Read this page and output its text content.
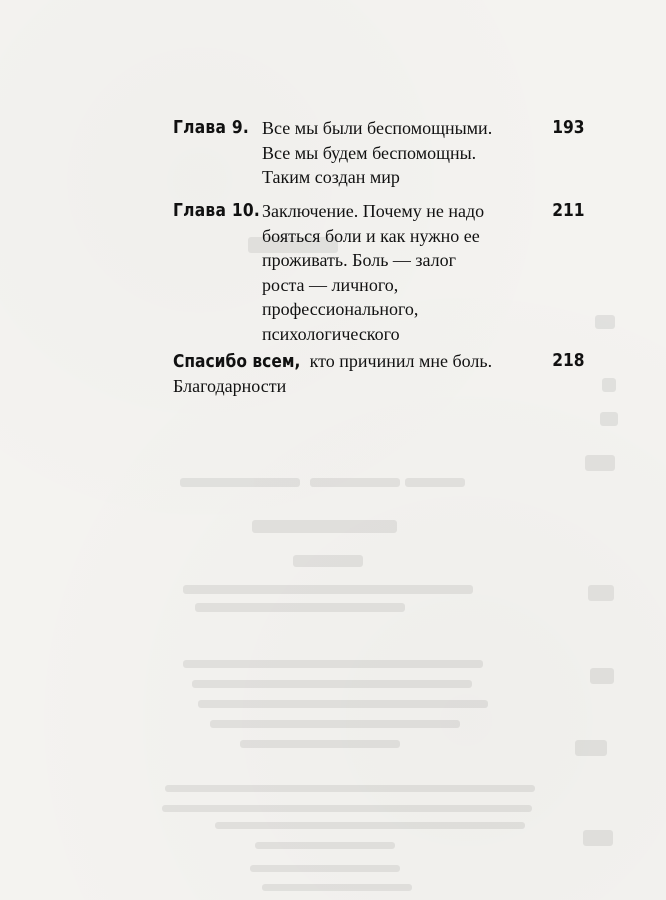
Глава 9. Все мы были беспомощными.
Все мы будем беспомощны.
Таким создан мир
193
Глава 10. Заключение. Почему не надо
бояться боли и как нужно ее
проживать. Боль — залог
роста — личного,
профессионального,
психологического
211
Спасибо всем, кто причинил мне боль.
Благодарности
218
